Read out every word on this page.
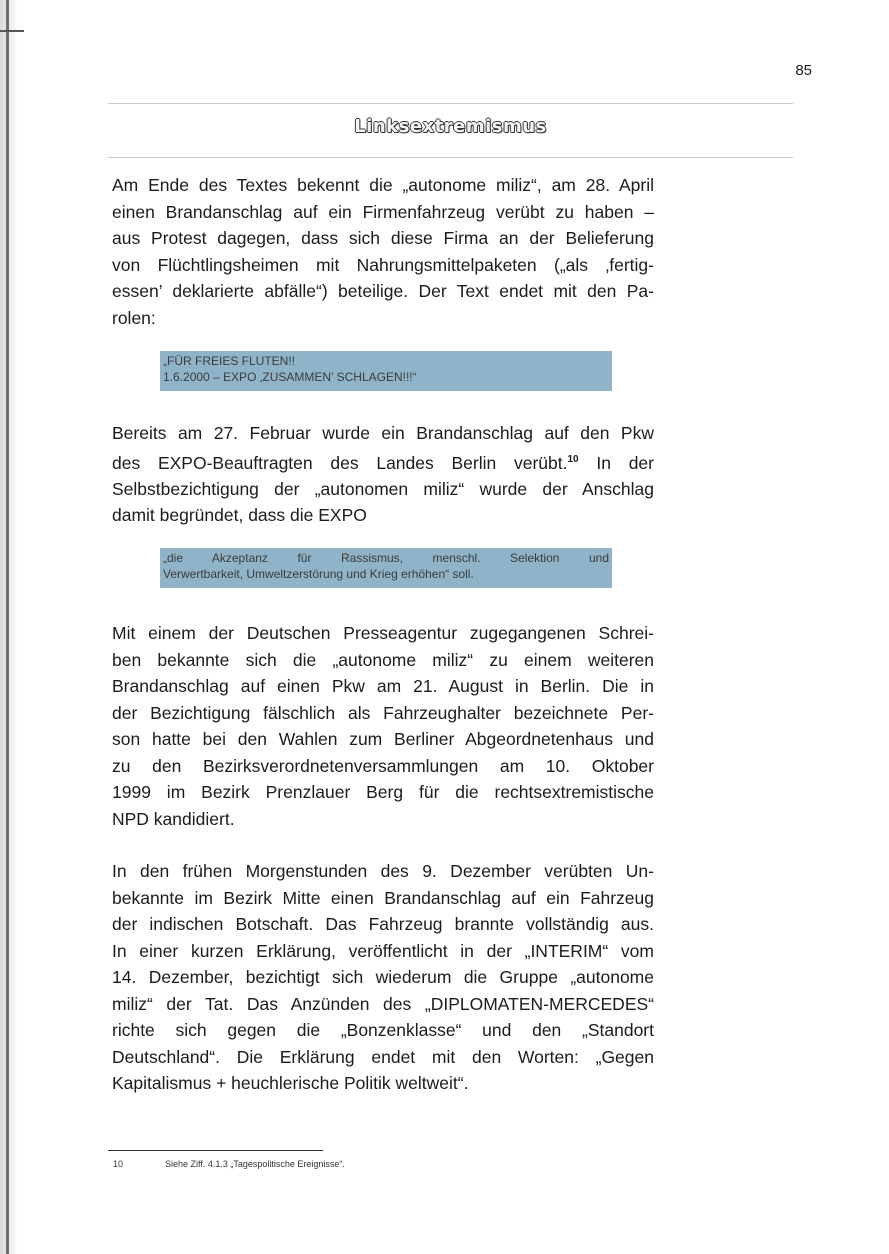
85
Linksextremismus

Am Ende des Textes bekennt die „autonome miliz“, am 28. April
einen Brandanschlag auf ein Firmenfahrzeug verübt zu haben –
aus Protest dagegen, dass sich diese Firma an der Belieferung
von Flüchtlingsheimen mit Nahrungsmittelpaketen („als ‚fertig-
essen’ deklarierte abfälle“) beteilige. Der Text endet mit den Pa-
rolen:

„FÜR FREIES FLUTEN!!
1.6.2000 – EXPO ‚ZUSAMMEN’ SCHLAGEN!!!“

Bereits am 27. Februar wurde ein Brandanschlag auf den Pkw
des EXPO-Beauftragten des Landes Berlin verübt.$^{10}$ In der
Selbstbezichtigung der „autonomen miliz“ wurde der Anschlag
damit begründet, dass die EXPO

„die Akzeptanz für Rassismus, menschl. Selektion und
Verwertbarkeit, Umweltzerstörung und Krieg erhöhen“ soll.

Mit einem der Deutschen Presseagentur zugegangenen Schrei-
ben bekannte sich die „autonome miliz“ zu einem weiteren
Brandanschlag auf einen Pkw am 21. August in Berlin. Die in
der Bezichtigung fälschlich als Fahrzeughalter bezeichnete Per-
son hatte bei den Wahlen zum Berliner Abgeordnetenhaus und
zu den Bezirksverordnetenversammlungen am 10. Oktober
1999 im Bezirk Prenzlauer Berg für die rechtsextremistische
NPD kandidiert.

In den frühen Morgenstunden des 9. Dezember verübten Un-
bekannte im Bezirk Mitte einen Brandanschlag auf ein Fahrzeug
der indischen Botschaft. Das Fahrzeug brannte vollständig aus.
In einer kurzen Erklärung, veröffentlicht in der „INTERIM“ vom
14. Dezember, bezichtigt sich wiederum die Gruppe „autonome
miliz“ der Tat. Das Anzünden des „DIPLOMATEN-MERCEDES“
richte sich gegen die „Bonzenklasse“ und den „Standort
Deutschland“. Die Erklärung endet mit den Worten: „Gegen
Kapitalismus + heuchlerische Politik weltweit“.

10	Siehe Ziff. 4.1.3 „Tagespolitische Ereignisse“.
